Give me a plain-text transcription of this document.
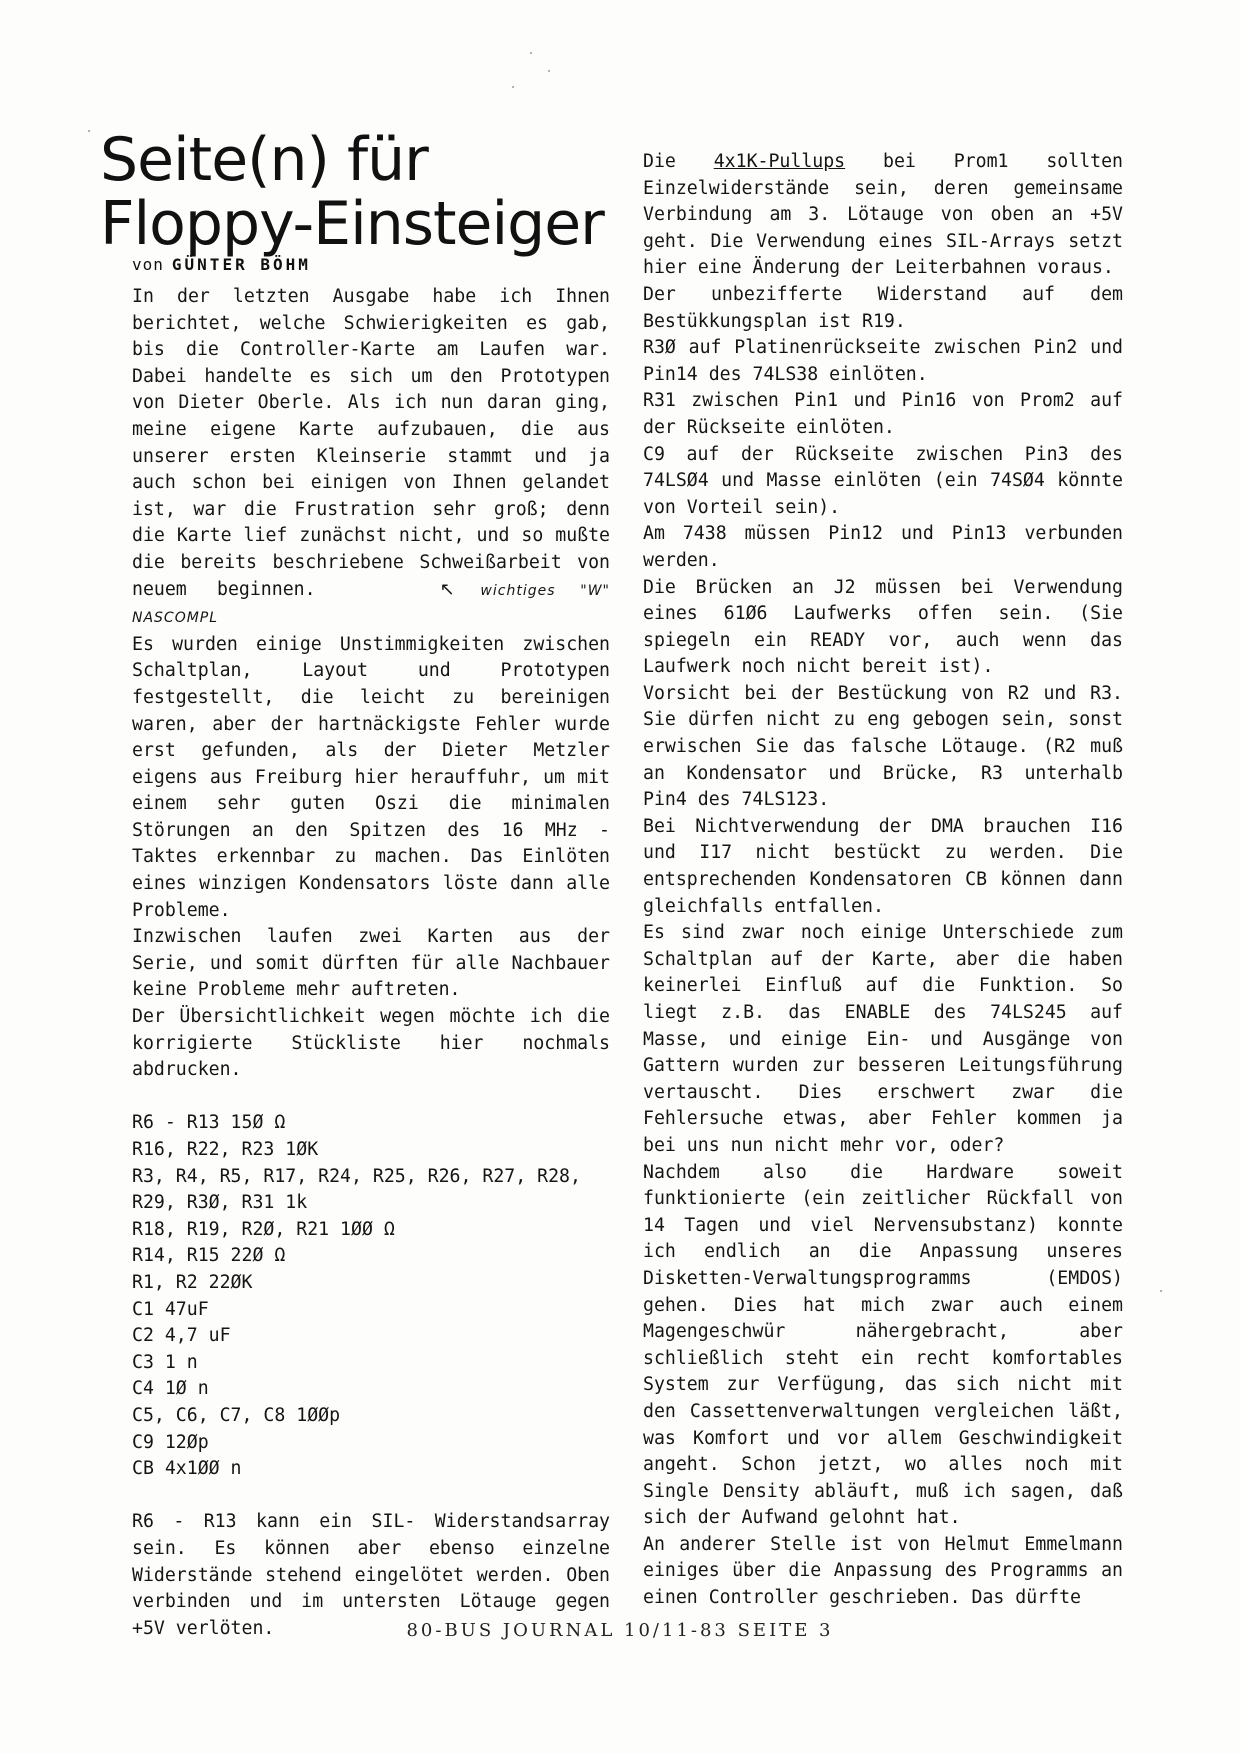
Seite(n) für
Floppy-Einsteiger
von GÜNTER BÖHM

In der letzten Ausgabe habe ich Ihnen berichtet, welche Schwierigkeiten es gab, bis die Controller-Karte am Laufen war. Dabei handelte es sich um den Prototypen von Dieter Oberle. Als ich nun daran ging, meine eigene Karte aufzubauen, die aus unserer ersten Kleinserie stammt und ja auch schon bei einigen von Ihnen gelandet ist, war die Frustration sehr groß; denn die Karte lief zunächst nicht, und so mußte die bereits beschriebene Schweißarbeit von neuem beginnen.	↖ wichtiges "W" NASCOMPL

Es wurden einige Unstimmigkeiten zwischen Schaltplan, Layout und Prototypen festgestellt, die leicht zu bereinigen waren, aber der hartnäckigste Fehler wurde erst gefunden, als der Dieter Metzler eigens aus Freiburg hier herauffuhr, um mit einem sehr guten Oszi die minimalen Störungen an den Spitzen des 16 MHz - Taktes erkennbar zu machen. Das Einlöten eines winzigen Kondensators löste dann alle Probleme.

Inzwischen laufen zwei Karten aus der Serie, und somit dürften für alle Nachbauer keine Probleme mehr auftreten.

Der Übersichtlichkeit wegen möchte ich die korrigierte Stückliste hier nochmals abdrucken.

R6 - R13 15Ø Ω
R16, R22, R23 1ØK
R3, R4, R5, R17, R24, R25, R26, R27, R28,
R29, R3Ø, R31 1k
R18, R19, R2Ø, R21 1ØØ Ω
R14, R15 22Ø Ω
R1, R2 22ØK
C1 47uF
C2 4,7 uF
C3 1 n
C4 1Ø n
C5, C6, C7, C8 1ØØp
C9 12Øp
CB 4x1ØØ n

R6 - R13 kann ein SIL- Widerstandsarray sein. Es können aber ebenso einzelne Widerstände stehend eingelötet werden. Oben verbinden und im untersten Lötauge gegen +5V verlöten.

Die 4x1K-Pullups bei Prom1 sollten Einzelwiderstände sein, deren gemeinsame Verbindung am 3. Lötauge von oben an +5V geht. Die Verwendung eines SIL-Arrays setzt hier eine Änderung der Leiterbahnen voraus.

Der unbezifferte Widerstand auf dem Bestükkungsplan ist R19.

R3Ø auf Platinenrückseite zwischen Pin2 und Pin14 des 74LS38 einlöten.

R31 zwischen Pin1 und Pin16 von Prom2 auf der Rückseite einlöten.

C9 auf der Rückseite zwischen Pin3 des 74LSØ4 und Masse einlöten (ein 74SØ4 könnte von Vorteil sein).

Am 7438 müssen Pin12 und Pin13 verbunden werden.

Die Brücken an J2 müssen bei Verwendung eines 61Ø6 Laufwerks offen sein. (Sie spiegeln ein READY vor, auch wenn das Laufwerk noch nicht bereit ist).

Vorsicht bei der Bestückung von R2 und R3. Sie dürfen nicht zu eng gebogen sein, sonst erwischen Sie das falsche Lötauge. (R2 muß an Kondensator und Brücke, R3 unterhalb Pin4 des 74LS123.

Bei Nichtverwendung der DMA brauchen I16 und I17 nicht bestückt zu werden. Die entsprechenden Kondensatoren CB können dann gleichfalls entfallen.

Es sind zwar noch einige Unterschiede zum Schaltplan auf der Karte, aber die haben keinerlei Einfluß auf die Funktion. So liegt z.B. das ENABLE des 74LS245 auf Masse, und einige Ein- und Ausgänge von Gattern wurden zur besseren Leitungsführung vertauscht. Dies erschwert zwar die Fehlersuche etwas, aber Fehler kommen ja bei uns nun nicht mehr vor, oder?

Nachdem also die Hardware soweit funktionierte (ein zeitlicher Rückfall von 14 Tagen und viel Nervensubstanz) konnte ich endlich an die Anpassung unseres Disketten-Verwaltungsprogramms (EMDOS) gehen. Dies hat mich zwar auch einem Magengeschwür nähergebracht, aber schließlich steht ein recht komfortables System zur Verfügung, das sich nicht mit den Cassettenverwaltungen vergleichen läßt, was Komfort und vor allem Geschwindigkeit angeht. Schon jetzt, wo alles noch mit Single Density abläuft, muß ich sagen, daß sich der Aufwand gelohnt hat.

An anderer Stelle ist von Helmut Emmelmann einiges über die Anpassung des Programms an einen Controller geschrieben. Das dürfte

80-BUS JOURNAL 10/11-83 SEITE 3
